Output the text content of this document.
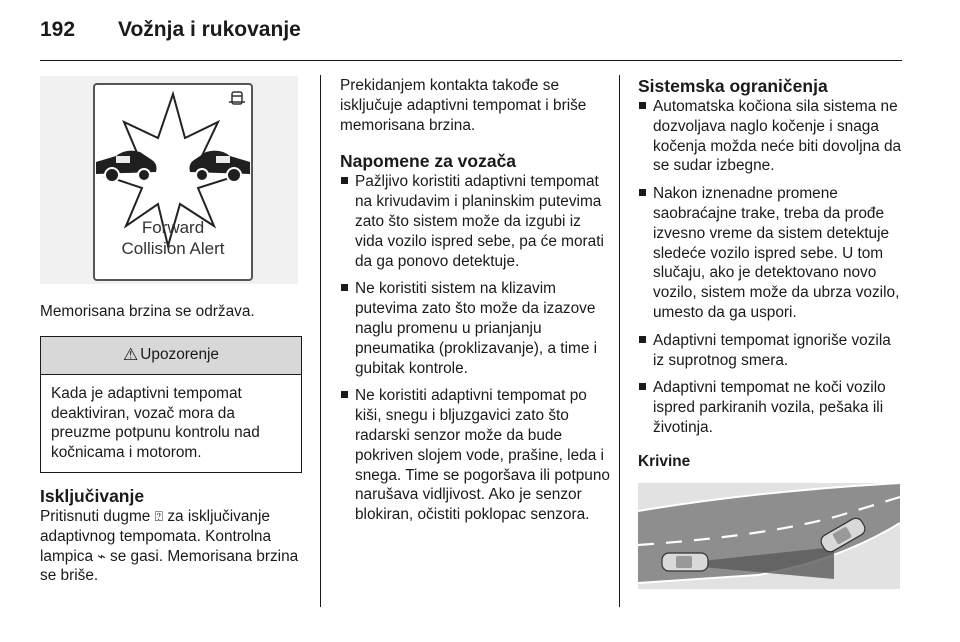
192 Vožnja i rukovanje
Forward
Collision Alert

Memorisana brzina se održava.

⚠ Upozorenje
Kada je adaptivni tempomat deaktiviran, vozač mora da preuzme potpunu kontrolu nad kočnicama i motorom.
Isključivanje

Pritisnuti dugme ⍰ za isključivanje adaptivnog tempomata. Kontrolna lampica ⌁ se gasi. Memorisana brzina se briše.

Prekidanjem kontakta takođe se isključuje adaptivni tempomat i briše memorisana brzina.

Napomene za vozača
Pažljivo koristiti adaptivni tempomat na krivudavim i planinskim putevima zato što sistem može da izgubi iz vida vozilo ispred sebe, pa će morati da ga ponovo detektuje.
Ne koristiti sistem na klizavim putevima zato što može da izazove naglu promenu u prianjanju pneumatika (proklizavanje), a time i gubitak kontrole.
Ne koristiti adaptivni tempomat po kiši, snegu i bljuzgavici zato što radarski senzor može da bude pokriven slojem vode, prašine, leda i snega. Time se pogoršava ili potpuno narušava vidljivost. Ako je senzor blokiran, očistiti poklopac senzora.
Sistemska ograničenja
Automatska kočiona sila sistema ne dozvoljava naglo kočenje i snaga kočenja možda neće biti dovoljna da se sudar izbegne.
Nakon iznenadne promene saobraćajne trake, treba da prođe izvesno vreme da sistem detektuje sledeće vozilo ispred sebe. U tom slučaju, ako je detektovano novo vozilo, sistem može da ubrza vozilo, umesto da ga uspori.
Adaptivni tempomat ignoriše vozila iz suprotnog smera.
Adaptivni tempomat ne koči vozilo ispred parkiranih vozila, pešaka ili životinja.
Krivine
